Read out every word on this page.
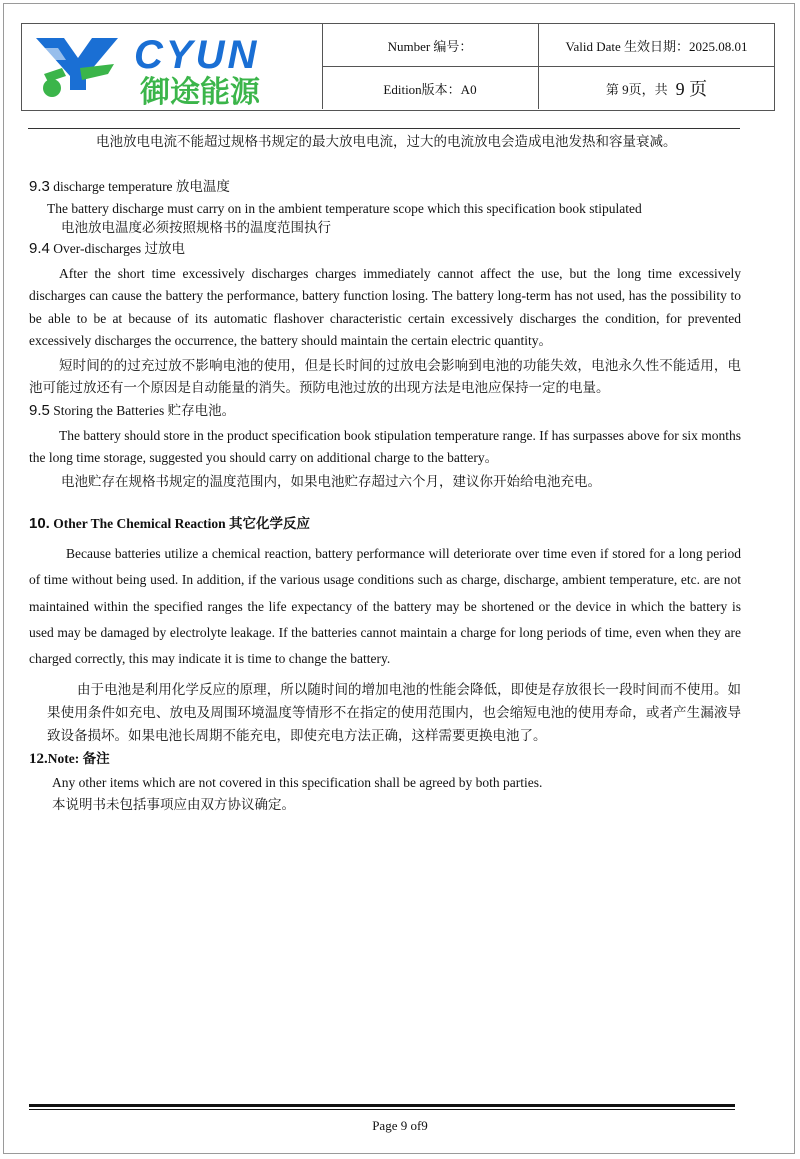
CYUN
御途能源
Number 编号：	Valid Date 生效日期：2025.08.01
Edition版本：A0	第 9页，共 9 页

电池放电电流不能超过规格书规定的最大放电电流，过大的电流放电会造成电池发热和容量衰减。

9.3 discharge temperature 放电温度

The battery discharge must carry on in the ambient temperature scope which this specification book stipulated

电池放电温度必须按照规格书的温度范围执行

9.4 Over-discharges 过放电

After the short time excessively discharges charges immediately cannot affect the use, but the long time excessively discharges can cause the battery the performance, battery function losing. The battery long-term has not used, has the possibility to be able to be at because of its automatic flashover characteristic certain excessively discharges the condition, for prevented excessively discharges the occurrence, the battery should maintain the certain electric quantity。

短时间的的过充过放不影响电池的使用，但是长时间的过放电会影响到电池的功能失效，电池永久性不能适用，电池可能过放还有一个原因是自动能量的消失。预防电池过放的出现方法是电池应保持一定的电量。

9.5 Storing the Batteries 贮存电池。

The battery should store in the product specification book stipulation temperature range. If has surpasses above for six months the long time storage, suggested you should carry on additional charge to the battery。

电池贮存在规格书规定的温度范围内，如果电池贮存超过六个月，建议你开始给电池充电。

10. Other The Chemical Reaction 其它化学反应

Because batteries utilize a chemical reaction, battery performance will deteriorate over time even if stored for a long period of time without being used. In addition, if the various usage conditions such as charge, discharge, ambient temperature, etc. are not maintained within the specified ranges the life expectancy of the battery may be shortened or the device in which the battery is used may be damaged by electrolyte leakage. If the batteries cannot maintain a charge for long periods of time, even when they are charged correctly, this may indicate it is time to change the battery.

由于电池是利用化学反应的原理，所以随时间的增加电池的性能会降低，即使是存放很长一段时间而不使用。如果使用条件如充电、放电及周围环境温度等情形不在指定的使用范围内，也会缩短电池的使用寿命，或者产生漏液导致设备损坏。如果电池长周期不能充电，即使充电方法正确，这样需要更换电池了。

12.Note: 备注

Any other items which are not covered in this specification shall be agreed by both parties.

本说明书未包括事项应由双方协议确定。

Page 9 of9
